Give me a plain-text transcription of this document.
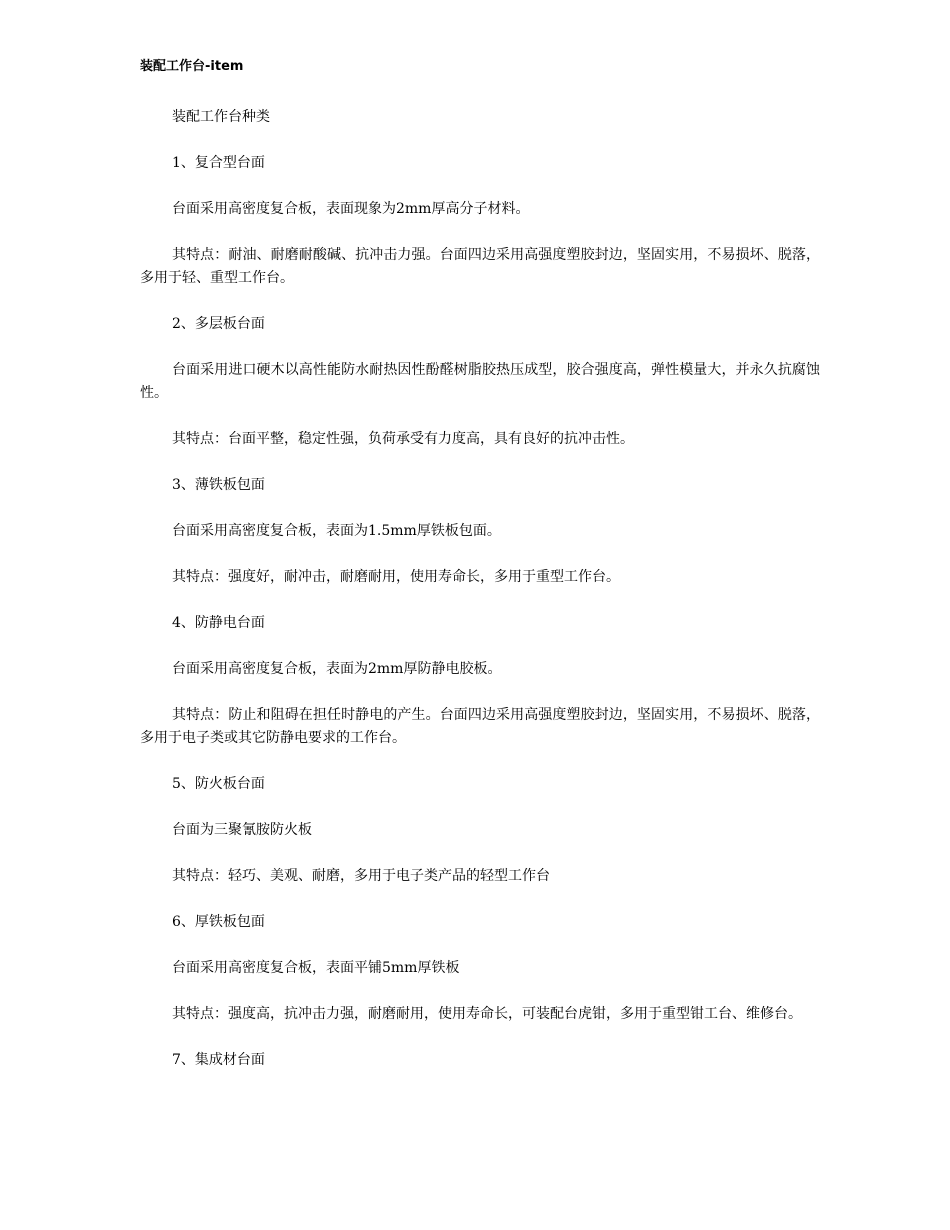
装配工作台-item

装配工作台种类

1、复合型台面

台面采用高密度复合板，表面现象为2mm厚高分子材料。

其特点：耐油、耐磨耐酸碱、抗冲击力强。台面四边采用高强度塑胶封边，坚固实用，不易损坏、脱落，多用于轻、重型工作台。

2、多层板台面

台面采用进口硬木以高性能防水耐热因性酚醛树脂胶热压成型，胶合强度高，弹性模量大，并永久抗腐蚀性。

其特点：台面平整，稳定性强，负荷承受有力度高，具有良好的抗冲击性。

3、薄铁板包面

台面采用高密度复合板，表面为1.5mm厚铁板包面。

其特点：强度好，耐冲击，耐磨耐用，使用寿命长，多用于重型工作台。

4、防静电台面

台面采用高密度复合板，表面为2mm厚防静电胶板。

其特点：防止和阻碍在担任时静电的产生。台面四边采用高强度塑胶封边，坚固实用，不易损坏、脱落，多用于电子类或其它防静电要求的工作台。

5、防火板台面

台面为三聚氰胺防火板

其特点：轻巧、美观、耐磨，多用于电子类产品的轻型工作台

6、厚铁板包面

台面采用高密度复合板，表面平铺5mm厚铁板

其特点：强度高，抗冲击力强，耐磨耐用，使用寿命长，可装配台虎钳，多用于重型钳工台、维修台。

7、集成材台面
